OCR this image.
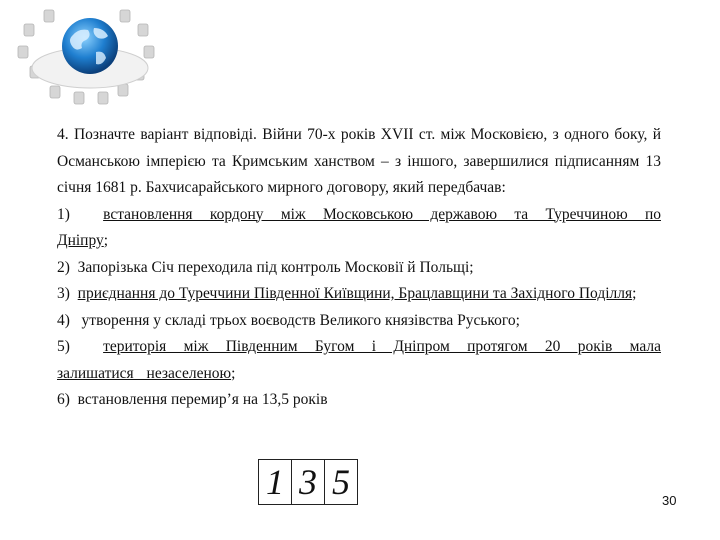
4. Позначте варіант відповіді. Війни 70-х років XVII ст. між Московією, з одного боку, й Османською імперією та Кримським ханством – з іншого, завершилися підписанням 13 січня 1681 р. Бахчисарайського мирного договору, який передбачав:

1) встановлення кордону між Московською державою та Туреччиною по Дніпру;

2) Запорізька Січ переходила під контроль Московії й Польщі;

3) приєднання до Туреччини Південної Київщини, Брацлавщини та Західного Поділля;

4) утворення у складі трьох воєводств Великого князівства Руського;

5) територія між Південним Бугом і Дніпром протягом 20 років мала залишатися незаселеною;

6) встановлення перемир’я на 13,5 років

1 3 5	30
